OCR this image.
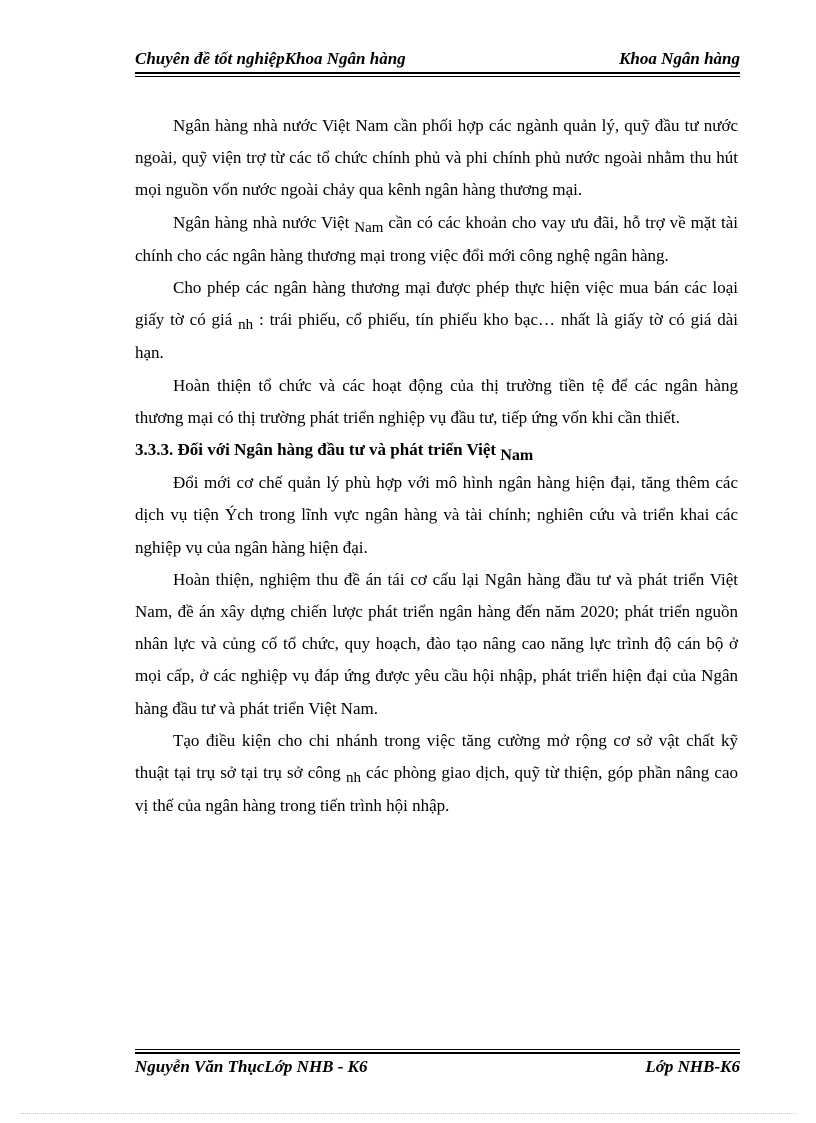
Chuyên đề tốt nghiệpKhoa Ngân hàng	Khoa Ngân hàng

Ngân hàng nhà nước Việt Nam cần phối hợp các ngành quản lý, quỹ đầu tư nước ngoài, quỹ viện trợ từ các tổ chức chính phủ và phi chính phủ nước ngoài nhằm thu hút mọi nguồn vốn nước ngoài chảy qua kênh ngân hàng thương mại.

Ngân hàng nhà nước Việt Nam cần có các khoản cho vay ưu đãi, hỗ trợ về mặt tài chính cho các ngân hàng thương mại trong việc đổi mới công nghệ ngân hàng.

Cho phép các ngân hàng thương mại được phép thực hiện việc mua bán các loại giấy tờ có giá nh : trái phiếu, cổ phiếu, tín phiếu kho bạc… nhất là giấy tờ có giá dài hạn.

Hoàn thiện tổ chức và các hoạt động của thị trường tiền tệ để các ngân hàng thương mại có thị trường phát triển nghiệp vụ đầu tư, tiếp ứng vốn khi cần thiết.

3.3.3. Đối với Ngân hàng đầu tư và phát triển Việt Nam

Đổi mới cơ chế quản lý phù hợp với mô hình ngân hàng hiện đại, tăng thêm các dịch vụ tiện Ých trong lĩnh vực ngân hàng và tài chính; nghiên cứu và triển khai các nghiệp vụ của ngân hàng hiện đại.

Hoàn thiện, nghiệm thu đề án tái cơ cấu lại Ngân hàng đầu tư và phát triển Việt Nam, đề án xây dựng chiến lược phát triển ngân hàng đến năm 2020; phát triển nguồn nhân lực và củng cố tổ chức, quy hoạch, đào tạo nâng cao năng lực trình độ cán bộ ở mọi cấp, ở các nghiệp vụ đáp ứng được yêu cầu hội nhập, phát triển hiện đại của Ngân hàng đầu tư và phát triển Việt Nam.

Tạo điều kiện cho chi nhánh trong việc tăng cường mở rộng cơ sở vật chất kỹ thuật tại trụ sở tại trụ sở công nh các phòng giao dịch, quỹ từ thiện, góp phần nâng cao vị thế của ngân hàng trong tiến trình hội nhập.

Nguyễn Văn ThụcLớp NHB - K6	Lớp NHB-K6
